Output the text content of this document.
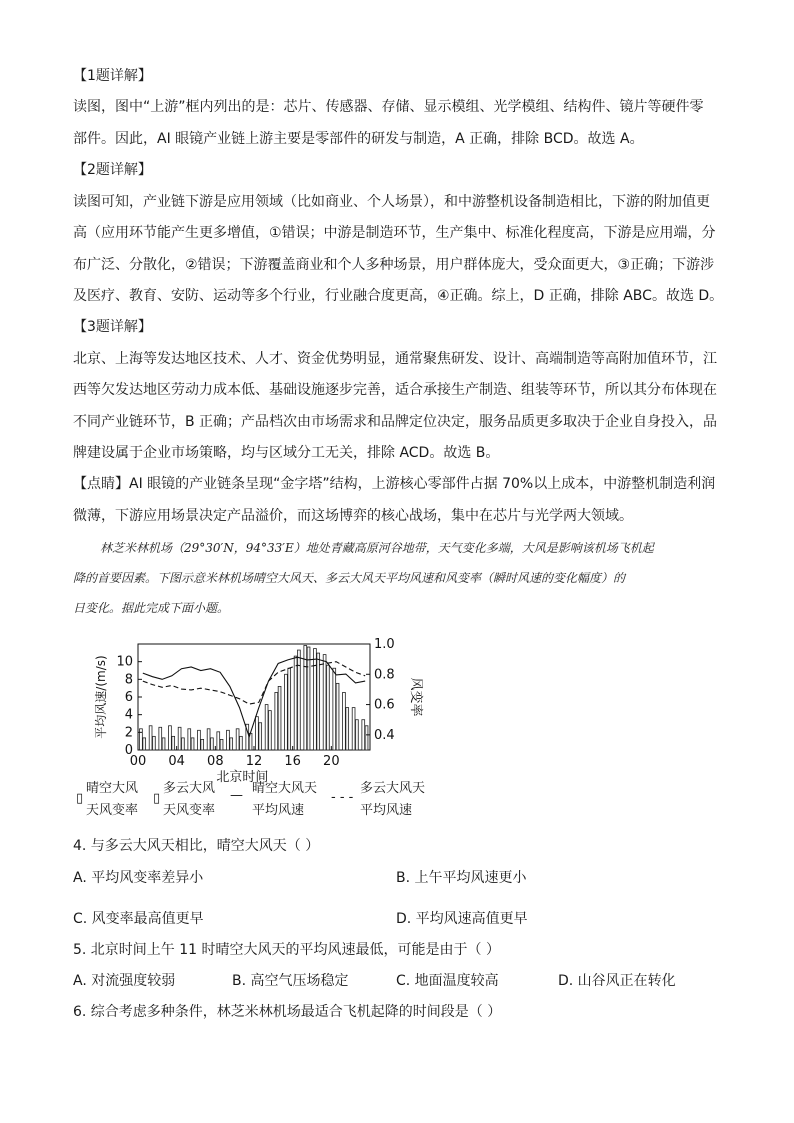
【1题详解】
读图，图中“上游”框内列出的是：芯片、传感器、存储、显示模组、光学模组、结构件、镜片等硬件零
部件。因此，AI 眼镜产业链上游主要是零部件的研发与制造，A 正确，排除 BCD。故选 A。
【2题详解】
读图可知，产业链下游是应用领域（比如商业、个人场景），和中游整机设备制造相比，下游的附加值更
高（应用环节能产生更多增值，①错误；中游是制造环节，生产集中、标准化程度高，下游是应用端，分
布广泛、分散化，②错误；下游覆盖商业和个人多种场景，用户群体庞大，受众面更大，③正确；下游涉
及医疗、教育、安防、运动等多个行业，行业融合度更高，④正确。综上，D 正确，排除 ABC。故选 D。
【3题详解】
北京、上海等发达地区技术、人才、资金优势明显，通常聚焦研发、设计、高端制造等高附加值环节，江
西等欠发达地区劳动力成本低、基础设施逐步完善，适合承接生产制造、组装等环节，所以其分布体现在
不同产业链环节，B 正确；产品档次由市场需求和品牌定位决定，服务品质更多取决于企业自身投入，品
牌建设属于企业市场策略，均与区域分工无关，排除 ACD。故选 B。
【点睛】AI 眼镜的产业链条呈现“金字塔”结构，上游核心零部件占据 70%以上成本，中游整机制造利润
微薄，下游应用场景决定产品溢价，而这场博弈的核心战场，集中在芯片与光学两大领域。
林芝米林机场（29°30′N，94°33′E）地处青藏高原河谷地带，天气变化多端，大风是影响该机场飞机起
降的首要因素。下图示意米林机场晴空大风天、多云大风天平均风速和风变率（瞬时风速的变化幅度）的
日变化。据此完成下面小题。
0
2
4
6
8
10
0.4
0.6
0.8
1.0
00 04 08 12 16 20
北京时间
平均风速/(m/s)	风变率
▯
晴空大风
天风变率
▯
多云大风
天风变率
— 晴空大风天
平均风速
- - -
多云大风天
平均风速
4. 与多云大风天相比，晴空大风天（ ）
A. 平均风变率差异小	B. 上午平均风速更小
C. 风变率最高值更早	D. 平均风速高值更早
5. 北京时间上午 11 时晴空大风天的平均风速最低，可能是由于（ ）
A. 对流强度较弱	B. 高空气压场稳定	C. 地面温度较高	D. 山谷风正在转化
6. 综合考虑多种条件，林芝米林机场最适合飞机起降的时间段是（ ）
